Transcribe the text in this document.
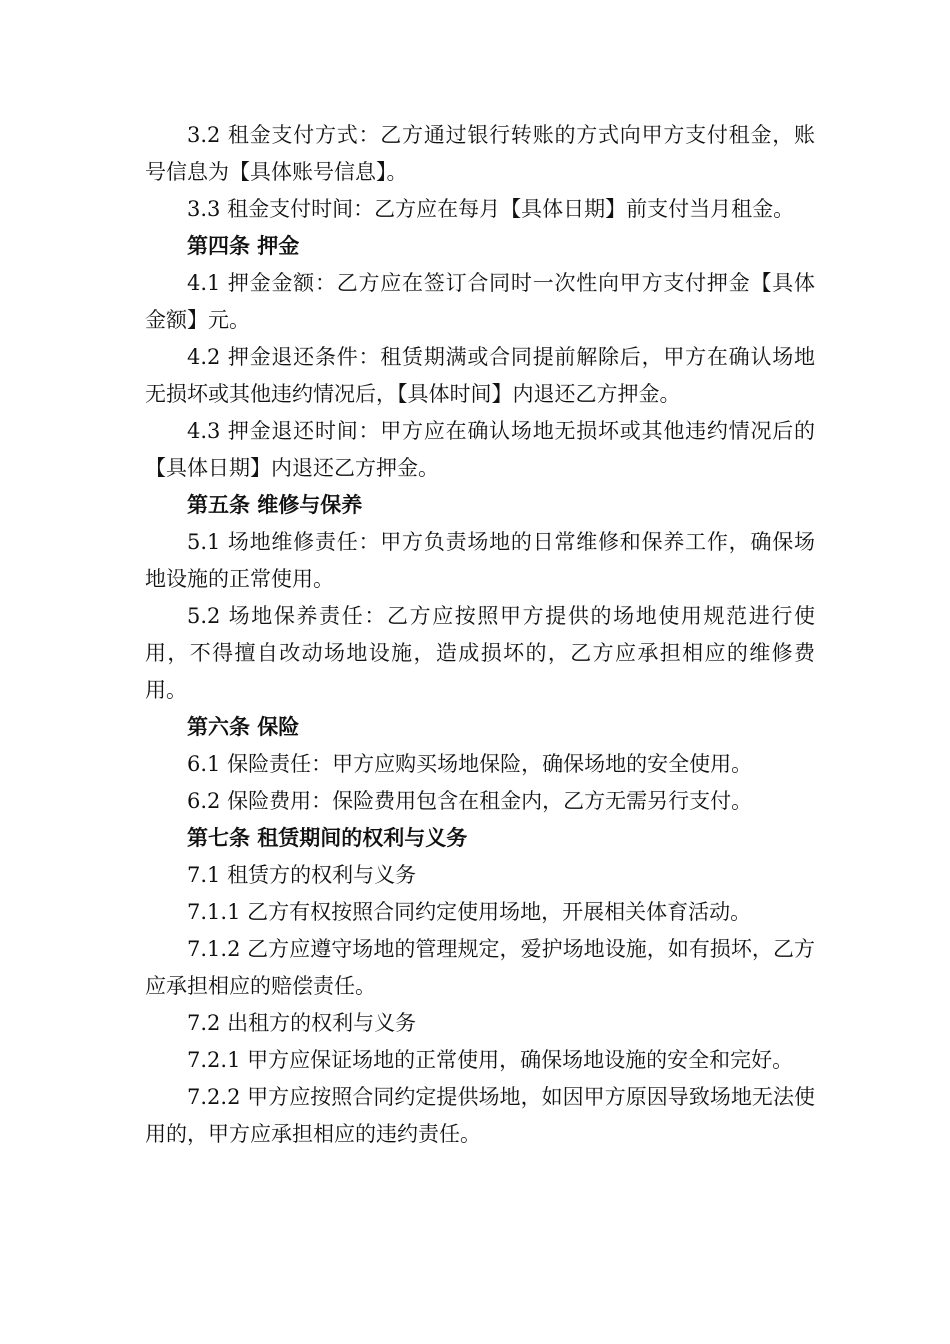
3.2 租金支付方式：乙方通过银行转账的方式向甲方支付租金，账号信息为【具体账号信息】。

3.3 租金支付时间：乙方应在每月【具体日期】前支付当月租金。

第四条 押金

4.1 押金金额：乙方应在签订合同时一次性向甲方支付押金【具体金额】元。

4.2 押金退还条件：租赁期满或合同提前解除后，甲方在确认场地无损坏或其他违约情况后，【具体时间】内退还乙方押金。

4.3 押金退还时间：甲方应在确认场地无损坏或其他违约情况后的【具体日期】内退还乙方押金。

第五条 维修与保养

5.1 场地维修责任：甲方负责场地的日常维修和保养工作，确保场地设施的正常使用。

5.2 场地保养责任：乙方应按照甲方提供的场地使用规范进行使用，不得擅自改动场地设施，造成损坏的，乙方应承担相应的维修费用。

第六条 保险

6.1 保险责任：甲方应购买场地保险，确保场地的安全使用。

6.2 保险费用：保险费用包含在租金内，乙方无需另行支付。

第七条 租赁期间的权利与义务

7.1 租赁方的权利与义务

7.1.1 乙方有权按照合同约定使用场地，开展相关体育活动。

7.1.2 乙方应遵守场地的管理规定，爱护场地设施，如有损坏，乙方应承担相应的赔偿责任。

7.2 出租方的权利与义务

7.2.1 甲方应保证场地的正常使用，确保场地设施的安全和完好。

7.2.2 甲方应按照合同约定提供场地，如因甲方原因导致场地无法使用的，甲方应承担相应的违约责任。
